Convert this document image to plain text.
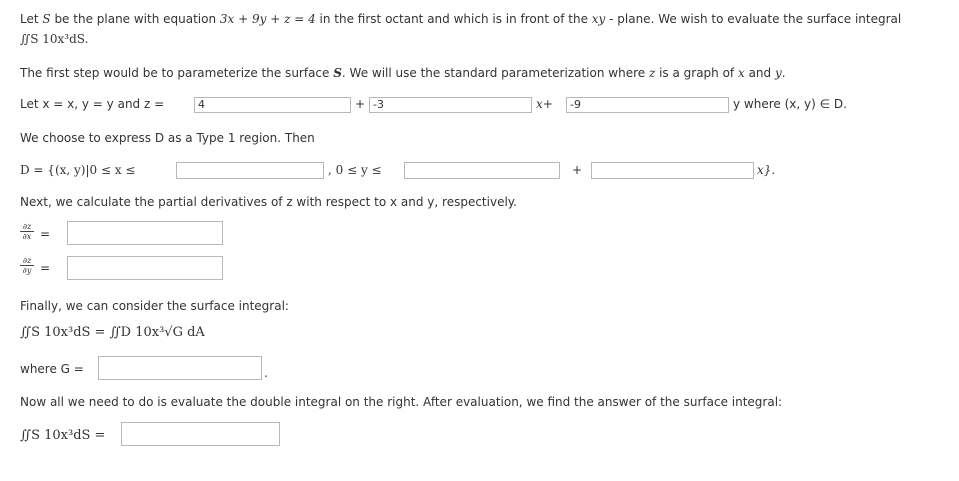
Let S be the plane with equation 3x + 9y + z = 4 in the first octant and which is in front of the xy - plane. We wish to evaluate the surface integral
∬S 10x³dS.
The first step would be to parameterize the surface S. We will use the standard parameterization where z is a graph of x and y.
Let x = x, y = y and z =	4	+ -3	x+	-9	y where (x, y) ∈ D.
We choose to express D as a Type 1 region. Then
D = {(x, y)|0 ≤ x ≤	, 0 ≤ y ≤	+	x}.
Next, we calculate the partial derivatives of z with respect to x and y, respectively.
$\frac{\partial z}{\partial x}$ =
$\frac{\partial z}{\partial y}$ =
Finally, we can consider the surface integral:
∬S 10x³dS = ∬D 10x³√G dA
where G =	.
Now all we need to do is evaluate the double integral on the right. After evaluation, we find the answer of the surface integral:
∬S 10x³dS =
